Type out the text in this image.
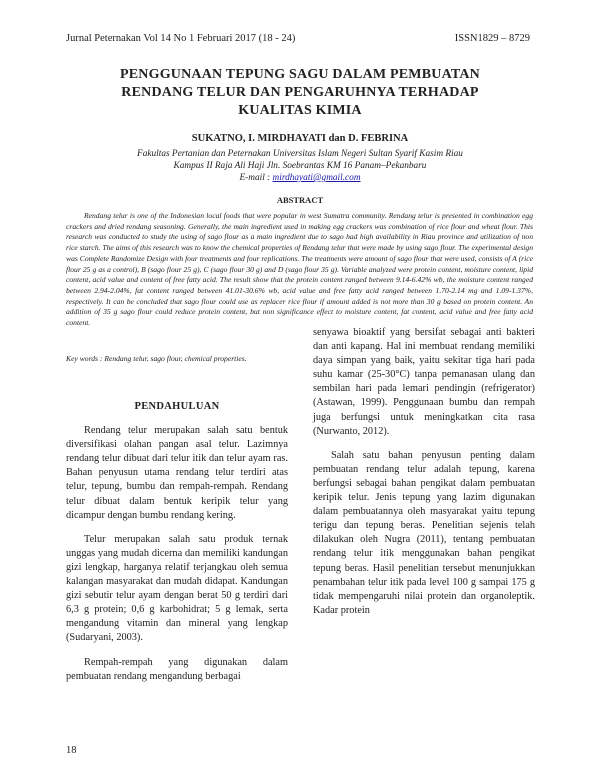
Jurnal Peternakan Vol 14 No 1 Februari 2017 (18 - 24)	ISSN1829 – 8729
PENGGUNAAN TEPUNG SAGU DALAM PEMBUATAN
RENDANG TELUR DAN PENGARUHNYA TERHADAP
KUALITAS KIMIA
SUKATNO, I. MIRDHAYATI dan D. FEBRINA
Fakultas Pertanian dan Peternakan Universitas Islam Negeri Sultan Syarif Kasim Riau
Kampus II Raja Ali Haji Jln. Soebrantas KM 16 Panam–Pekanbaru
E-mail : mirdhayati@gmail.com
ABSTRACT

Rendang telur is one of the Indonesian local foods that were popular in west Sumatra community. Rendang telur is presented in combination egg crackers and dried rendang seasoning. Generally, the main ingredient used in making egg crackers was combination of rice flour and wheat flour. This research was conducted to study the using of sago flour as a main ingredient due to sago had high availability in Riau province and utilization of non rice starch. The aims of this research was to know the chemical properties of Rendang telur that were made by using sago flour. The experimental design was Complete Randomize Design with four treatments and four replications. The treatments were amount of sago flour that were used, consists of A (rice flour 25 g as a control), B (sago flour 25 g), C (sago flour 30 g) and D (sago flour 35 g). Variable analyzed were protein content, moisture content, lipid content, acid value and content of free fatty acid. The result show that the protein content ranged between 9.14-6.42% wb, the moisture content ranged between 2.94-2.04%, fat content ranged between 41.01-30.6% wb, acid value and free fatty acid ranged between 1.70-2.14 mg and 1.09-1.37%, respectively. It can be concluded that sago flour could use as replacer rice flour if amount added is not more than 30 g based on protein content. An addition of 35 g sago flour could reduce protein content, but non significance effect to moisture content, fat content, acid value and free fatty acid content.

Key words : Rendang telur, sago flour, chemical properties.

PENDAHULUAN

Rendang telur merupakan salah satu bentuk diversifikasi olahan pangan asal telur. Lazimnya rendang telur dibuat dari telur itik dan telur ayam ras. Bahan penyusun utama rendang telur terdiri atas telur, tepung, bumbu dan rempah-rempah. Rendang telur dibuat dalam bentuk keripik telur yang dicampur dengan bumbu rendang kering.

Telur merupakan salah satu produk ternak unggas yang mudah dicerna dan memiliki kandungan gizi lengkap, harganya relatif terjangkau oleh semua kalangan masyarakat dan mudah didapat. Kandungan gizi sebutir telur ayam dengan berat 50 g terdiri dari 6,3 g protein; 0,6 g karbohidrat; 5 g lemak, serta mengandung vitamin dan mineral yang lengkap (Sudaryani, 2003).

Rempah-rempah yang digunakan dalam pembuatan rendang mengandung berbagai

senyawa bioaktif yang bersifat sebagai anti bakteri dan anti kapang. Hal ini membuat rendang memiliki daya simpan yang baik, yaitu sekitar tiga hari pada suhu kamar (25-30°C) tanpa pemanasan ulang dan sembilan hari pada lemari pendingin (refrigerator) (Astawan, 1999). Penggunaan bumbu dan rempah juga berfungsi untuk meningkatkan cita rasa (Nurwanto, 2012).

Salah satu bahan penyusun penting dalam pembuatan rendang telur adalah tepung, karena berfungsi sebagai bahan pengikat dalam pembuatan keripik telur. Jenis tepung yang lazim digunakan dalam pembuatannya oleh masyarakat yaitu tepung terigu dan tepung beras. Penelitian sejenis telah dilakukan oleh Nugra (2011), tentang pembuatan rendang telur itik menggunakan bahan pengikat tepung beras. Hasil penelitian tersebut menunjukkan penambahan telur itik pada level 100 g sampai 175 g tidak mempengaruhi nilai protein dan organoleptik. Kadar protein

18
